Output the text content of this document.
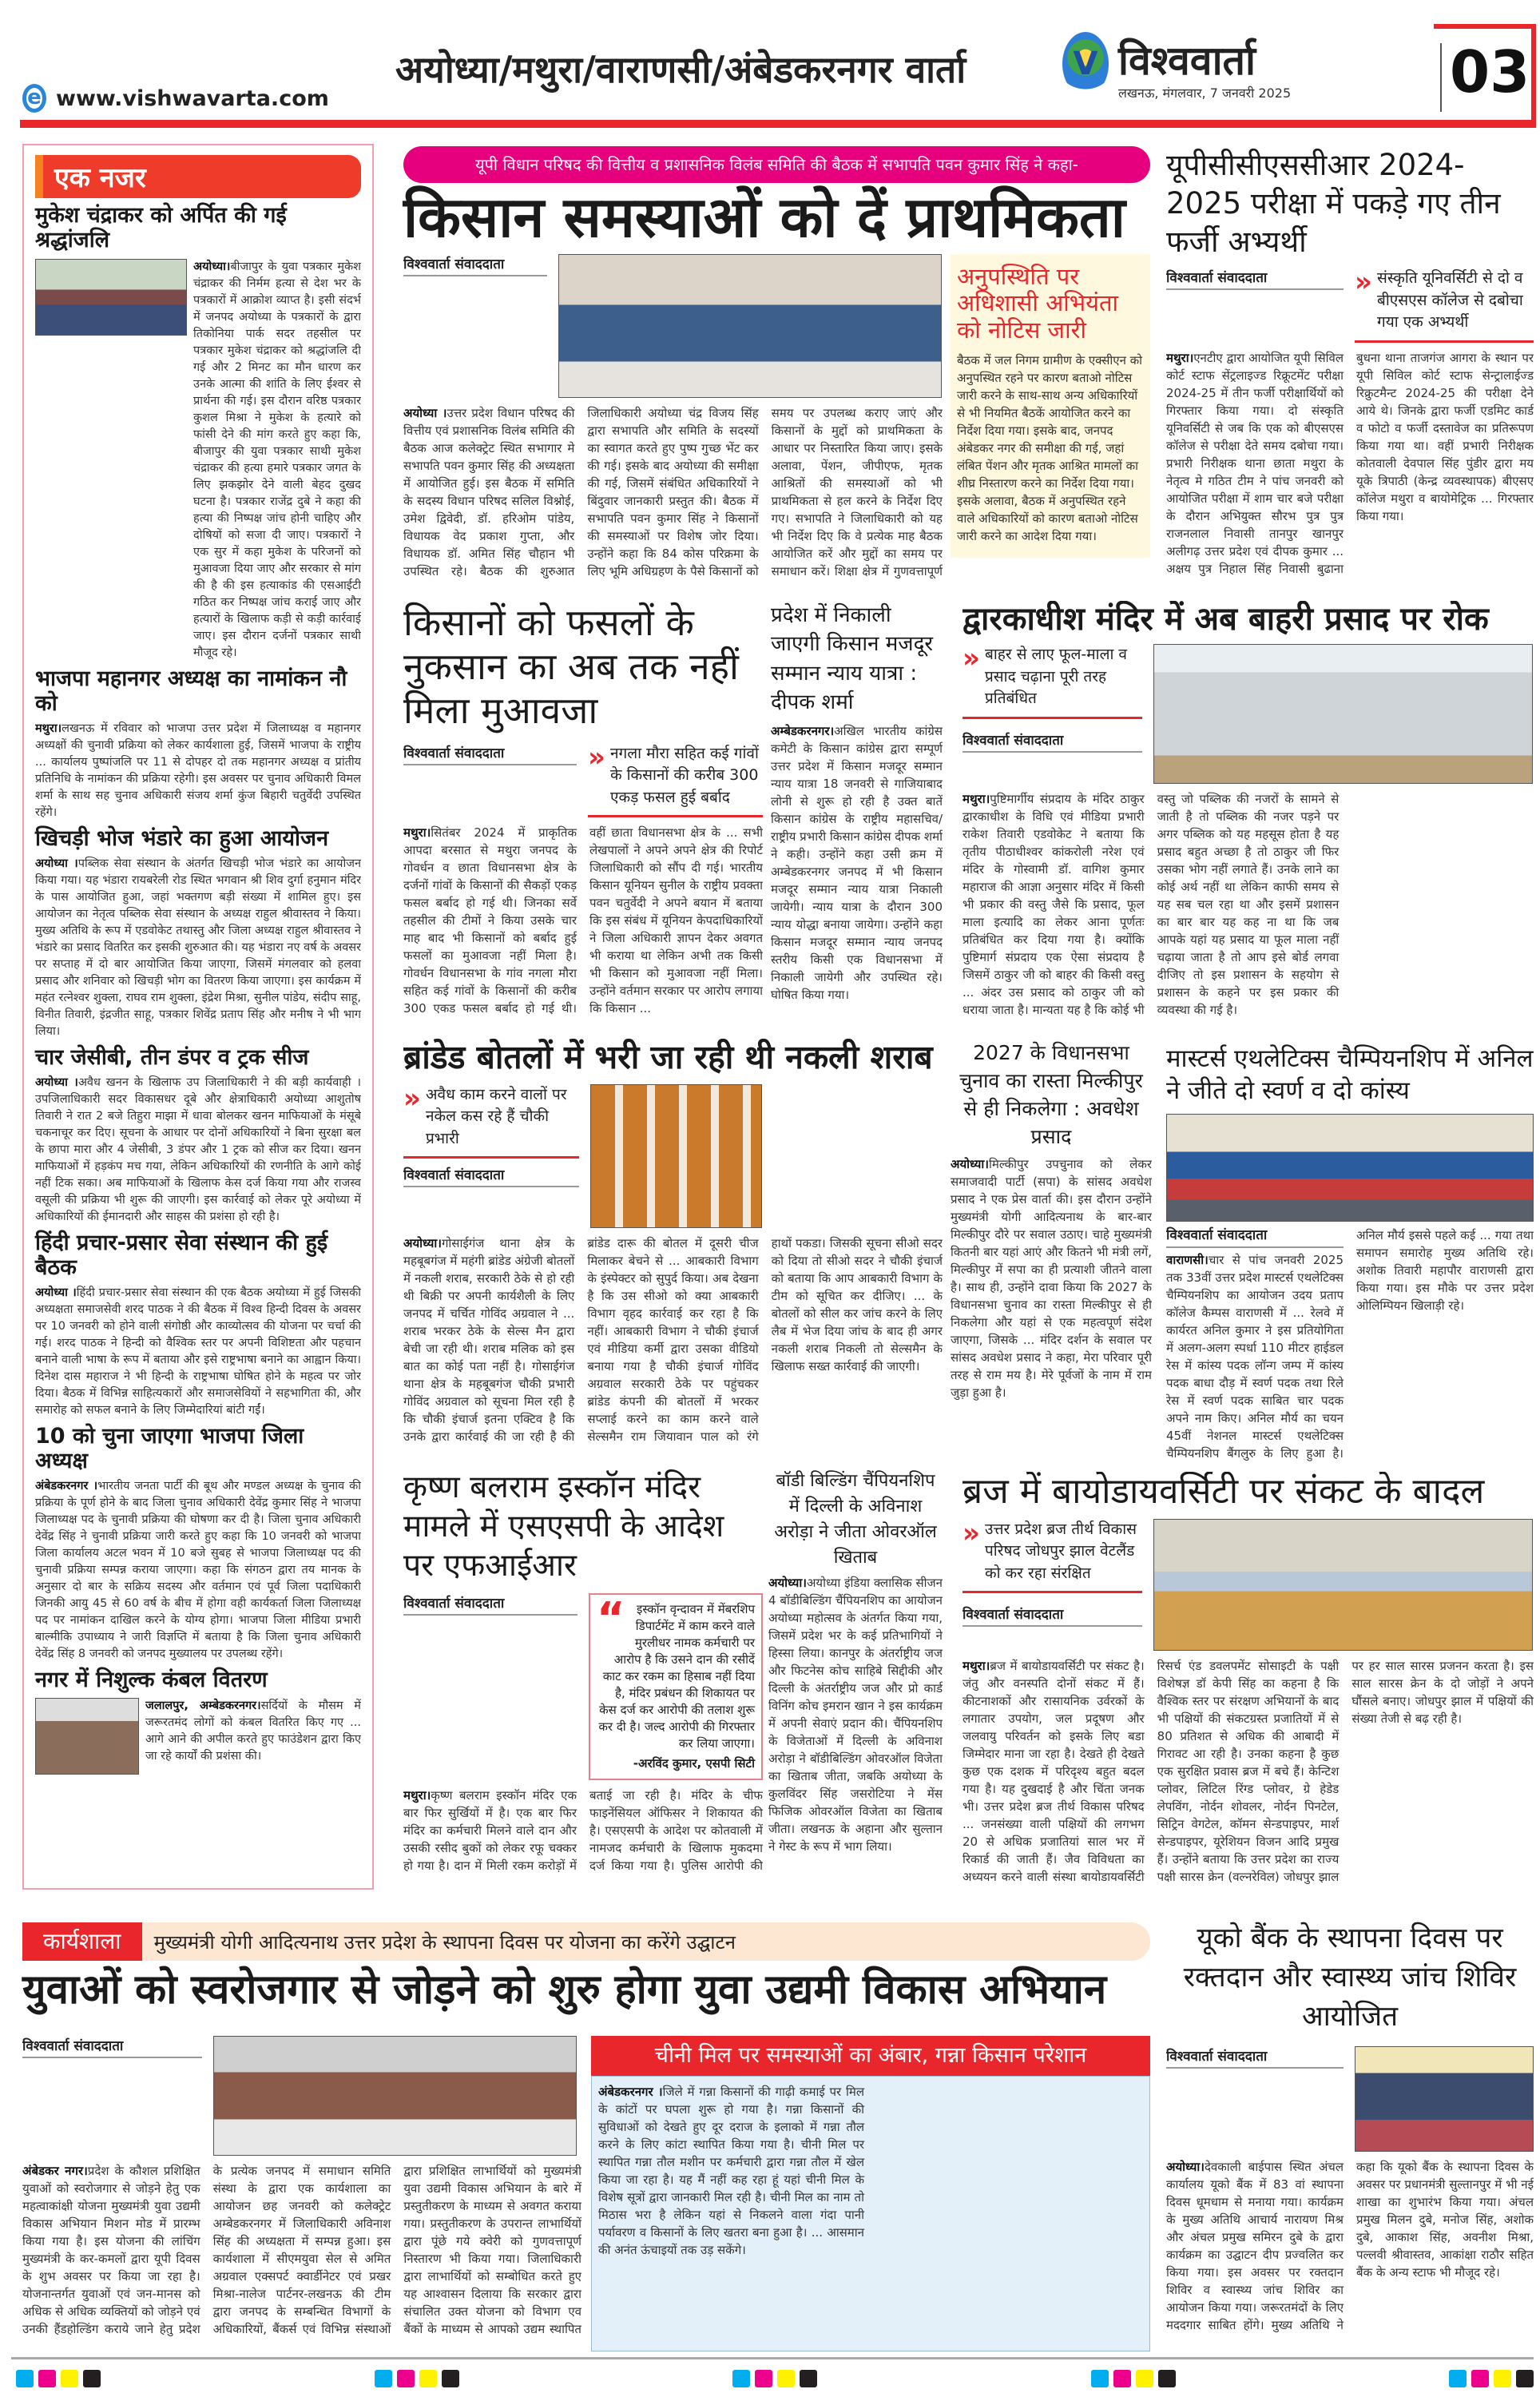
e www.vishwavarta.com
अयोध्या/मथुरा/वाराणसी/अंबेडकरनगर वार्ता	V विश्ववार्ता
लखनऊ, मंगलवार, 7 जनवरी 2025	03
एक नजर
मुकेश चंद्राकर को अर्पित की गई श्रद्धांजलि

अयोध्या।बीजापुर के युवा पत्रकार मुकेश चंद्राकर की निर्मम हत्या से देश भर के पत्रकारों में आक्रोश व्याप्त है। इसी संदर्भ में जनपद अयोध्या के पत्रकारों के द्वारा तिकोनिया पार्क सदर तहसील पर पत्रकार मुकेश चंद्राकर को श्रद्धांजलि दी गई और 2 मिनट का मौन धारण कर उनके आत्मा की शांति के लिए ईश्वर से प्रार्थना की गई। इस दौरान वरिष्ठ पत्रकार कुशल मिश्रा ने मुकेश के हत्यारे को फांसी देने की मांग करते हुए कहा कि, बीजापुर की युवा पत्रकार साथी मुकेश चंद्राकर की हत्या हमारे पत्रकार जगत के लिए झकझोर देने वाली बेहद दुखद घटना है। पत्रकार राजेंद्र दुबे ने कहा की हत्या की निष्पक्ष जांच होनी चाहिए और दोषियों को सजा दी जाए। पत्रकारों ने एक सुर में कहा मुकेश के परिजनों को मुआवजा दिया जाए और सरकार से मांग की है की इस हत्याकांड की एसआईटी गठित कर निष्पक्ष जांच कराई जाए और हत्यारों के खिलाफ कड़ी से कड़ी कार्रवाई जाए। इस दौरान दर्जनों पत्रकार साथी मौजूद रहे।

भाजपा महानगर अध्यक्ष का नामांकन नौ को

मथुरा।लखनऊ में रविवार को भाजपा उत्तर प्रदेश में जिलाध्यक्ष व महानगर अध्यक्षों की चुनावी प्रक्रिया को लेकर कार्यशाला हुई, जिसमें भाजपा के राष्ट्रीय ... कार्यालय पुष्पांजलि पर 11 से दोपहर दो तक महानगर अध्यक्ष व प्रांतीय प्रतिनिधि के नामांकन की प्रक्रिया रहेगी। इस अवसर पर चुनाव अधिकारी विमल शर्मा के साथ सह चुनाव अधिकारी संजय शर्मा कुंज बिहारी चतुर्वेदी उपस्थित रहेंगे।

खिचड़ी भोज भंडारे का हुआ आयोजन

अयोध्या ।पब्लिक सेवा संस्थान के अंतर्गत खिचड़ी भोज भंडारे का आयोजन किया गया। यह भंडारा रायबरेली रोड स्थित भगवान श्री शिव दुर्गा हनुमान मंदिर के पास आयोजित हुआ, जहां भक्तगण बड़ी संख्या में शामिल हुए। इस आयोजन का नेतृत्व पब्लिक सेवा संस्थान के अध्यक्ष राहुल श्रीवास्तव ने किया। मुख्य अतिथि के रूप में एडवोकेट तथास्तु और जिला अध्यक्ष राहुल श्रीवास्तव ने भंडारे का प्रसाद वितरित कर इसकी शुरुआत की। यह भंडारा नए वर्ष के अवसर पर सप्ताह में दो बार आयोजित किया जाएगा, जिसमें मंगलवार को हलवा प्रसाद और शनिवार को खिचड़ी भोग का वितरण किया जाएगा। इस कार्यक्रम में महंत रत्नेश्वर शुक्ला, राघव राम शुक्ला, इंद्रेश मिश्रा, सुनील पांडेय, संदीप साहू, विनीत तिवारी, इंद्रजीत साहू, पत्रकार शिवेंद्र प्रताप सिंह और मनीष ने भी भाग लिया।

चार जेसीबी, तीन डंपर व ट्रक सीज

अयोध्या ।अवैध खनन के खिलाफ उप जिलाधिकारी ने की बड़ी कार्यवाही । उपजिलाधिकारी सदर विकासधर दूबे और क्षेत्राधिकारी अयोध्या आशुतोष तिवारी ने रात 2 बजे तिहुरा माझा में धावा बोलकर खनन माफियाओं के मंसूबे चकनाचूर कर दिए। सूचना के आधार पर दोनों अधिकारियों ने बिना सुरक्षा बल के छापा मारा और 4 जेसीबी, 3 डंपर और 1 ट्रक को सीज कर दिया। खनन माफियाओं में हड़कंप मच गया, लेकिन अधिकारियों की रणनीति के आगे कोई नहीं टिक सका। अब माफियाओं के खिलाफ केस दर्ज किया गया और राजस्व वसूली की प्रक्रिया भी शुरू की जाएगी। इस कार्रवाई को लेकर पूरे अयोध्या में अधिकारियों की ईमानदारी और साहस की प्रशंसा हो रही है।

हिंदी प्रचार-प्रसार सेवा संस्थान की हुई बैठक

अयोध्या ।हिंदी प्रचार-प्रसार सेवा संस्थान की एक बैठक अयोध्या में हुई जिसकी अध्यक्षता समाजसेवी शरद पाठक ने की बैठक में विश्व हिन्दी दिवस के अवसर पर 10 जनवरी को होने वाली संगोष्ठी और काव्योत्सव की योजना पर चर्चा की गई। शरद पाठक ने हिन्दी को वैश्विक स्तर पर अपनी विशिष्टता और पहचान बनाने वाली भाषा के रूप में बताया और इसे राष्ट्रभाषा बनाने का आह्वान किया। दिनेश दास महाराज ने भी हिन्दी के राष्ट्रभाषा घोषित होने के महत्व पर जोर दिया। बैठक में विभिन्न साहित्यकारों और समाजसेवियों ने सहभागिता की, और समारोह को सफल बनाने के लिए जिम्मेदारियां बांटी गईं।

10 को चुना जाएगा भाजपा जिला अध्यक्ष

अंबेडकरनगर ।भारतीय जनता पार्टी की बूथ और मण्डल अध्यक्ष के चुनाव की प्रक्रिया के पूर्ण होने के बाद जिला चुनाव अधिकारी देवेंद्र कुमार सिंह ने भाजपा जिलाध्यक्ष पद के चुनावी प्रक्रिया की घोषणा कर दी है। जिला चुनाव अधिकारी देवेंद्र सिंह ने चुनावी प्रक्रिया जारी करते हुए कहा कि 10 जनवरी को भाजपा जिला कार्यालय अटल भवन में 10 बजे सुबह से भाजपा जिलाध्यक्ष पद की चुनावी प्रक्रिया सम्पन्न कराया जाएगा। कहा कि संगठन द्वारा तय मानक के अनुसार दो बार के सक्रिय सदस्य और वर्तमान एवं पूर्व जिला पदाधिकारी जिनकी आयु 45 से 60 वर्ष के बीच में होगा वही कार्यकर्ता जिला जिलाध्यक्ष पद पर नामांकन दाखिल करने के योग्य होगा। भाजपा जिला मीडिया प्रभारी बाल्मीकि उपाध्याय ने जारी विज्ञप्ति में बताया है कि जिला चुनाव अधिकारी देवेंद्र सिंह 8 जनवरी को जनपद मुख्यालय पर उपलब्ध रहेंगे।

नगर में निशुल्क कंबल वितरण

जलालपुर, अम्बेडकरनगर।सर्दियों के मौसम में जरूरतमंद लोगों को कंबल वितरित किए गए ... आगे आने की अपील करते हुए फाउंडेशन द्वारा किए जा रहे कार्यों की प्रशंसा की।

यूपी विधान परिषद की वित्तीय व प्रशासनिक विलंब समिति की बैठक में सभापति पवन कुमार सिंह ने कहा-
किसान समस्याओं को दें प्राथमिकता
विश्ववार्ता संवाददाता
अयोध्या ।उत्तर प्रदेश विधान परिषद की वित्तीय एवं प्रशासनिक विलंब समिति की बैठक आज कलेक्ट्रेट स्थित सभागार मे सभापति पवन कुमार सिंह की अध्यक्षता में आयोजित हुई। इस बैठक में समिति के सदस्य विधान परिषद सलिल विश्नोई, उमेश द्विवेदी, डॉ. हरिओम पांडेय, विधायक वेद प्रकाश गुप्ता, और विधायक डॉ. अमित सिंह चौहान भी उपस्थित रहे। बैठक की शुरुआत जिलाधिकारी अयोध्या चंद्र विजय सिंह द्वारा सभापति और समिति के सदस्यों का स्वागत करते हुए पुष्प गुच्छ भेंट कर की गई। इसके बाद अयोध्या की समीक्षा की गई, जिसमें संबंधित अधिकारियों ने बिंदुवार जानकारी प्रस्तुत की। बैठक में सभापति पवन कुमार सिंह ने किसानों की समस्याओं पर विशेष जोर दिया। उन्होंने कहा कि 84 कोस परिक्रमा के लिए भूमि अधिग्रहण के पैसे किसानों को समय पर उपलब्ध कराए जाएं और किसानों के मुद्दों को प्राथमिकता के आधार पर निस्तारित किया जाए। इसके अलावा, पेंशन, जीपीएफ, मृतक आश्रितों की समस्याओं को भी प्राथमिकता से हल करने के निर्देश दिए गए। सभापति ने जिलाधिकारी को यह भी निर्देश दिए कि वे प्रत्येक माह बैठक आयोजित करें और मुद्दों का समय पर समाधान करें। शिक्षा क्षेत्र में गुणवत्तापूर्ण
अनुपस्थिति पर अधिशासी अभियंता को नोटिस जारी

बैठक में जल निगम ग्रामीण के एक्सीएन को अनुपस्थित रहने पर कारण बताओ नोटिस जारी करने के साथ-साथ अन्य अधिकारियों से भी नियमित बैठकें आयोजित करने का निर्देश दिया गया। इसके बाद, जनपद अंबेडकर नगर की समीक्षा की गई, जहां लंबित पेंशन और मृतक आश्रित मामलों का शीघ्र निस्तारण करने का निर्देश दिया गया। इसके अलावा, बैठक में अनुपस्थित रहने वाले अधिकारियों को कारण बताओ नोटिस जारी करने का आदेश दिया गया।

यूपीसीसीएससीआर 2024-2025 परीक्षा में पकड़े गए तीन फर्जी अभ्यर्थी
विश्ववार्ता संवाददाता	» संस्कृति यूनिवर्सिटी से दो व बीएसएस कॉलेज से दबोचा गया एक अभ्यर्थी
मथुरा।एनटीए द्वारा आयोजित यूपी सिविल कोर्ट स्टाफ सेंट्रलाइज्ड रिक्रूटमेंट परीक्षा 2024-25 में तीन फर्जी परीक्षार्थियों को गिरफ्तार किया गया। दो संस्कृति यूनिवर्सिटी से जब कि एक को बीएसएस कॉलेज से परीक्षा देते समय दबोचा गया। प्रभारी निरीक्षक थाना छाता मथुरा के नेतृत्व मे गठित टीम ने पांच जनवरी को आयोजित परीक्षा में शाम चार बजे परीक्षा के दौरान अभियुक्त सौरभ पुत्र पुत्र राजनलाल निवासी तानपुर खानपुर अलीगढ़ उत्तर प्रदेश एवं दीपक कुमार ... अक्षय पुत्र निहाल सिंह निवासी बुढाना बुधना थाना ताजगंज आगरा के स्थान पर यूपी सिविल कोर्ट स्टाफ सेन्ट्रालाईज्ड रिक्रुटमैन्ट 2024-25 की परीक्षा देने आये थे। जिनके द्वारा फर्जी एडमिट कार्ड व फोटो व फर्जी दस्तावेज का प्रतिरूपण किया गया था। वहीं प्रभारी निरीक्षक कोतवाली देवपाल सिंह पुंडीर द्वारा मय यूके त्रिपाठी (केन्द्र व्यवस्थापक) बीएसए कॉलेज मथुरा व बायोमेट्रिक ... गिरफ्तार किया गया।
किसानों को फसलों के नुकसान का अब तक नहीं मिला मुआवजा
विश्ववार्ता संवाददाता	» नगला मौरा सहित कई गांवों के किसानों की करीब 300 एकड़ फसल हुई बर्बाद
मथुरा।सितंबर 2024 में प्राकृतिक आपदा बरसात से मथुरा जनपद के गोवर्धन व छाता विधानसभा क्षेत्र के दर्जनों गांवों के किसानों की सैकड़ों एकड़ फसल बर्बाद हो गई थी। जिनका सर्वे तहसील की टीमों ने किया उसके चार माह बाद भी किसानों को बर्बाद हुई फसलों का मुआवजा नहीं मिला है। गोवर्धन विधानसभा के गांव नगला मौरा सहित कई गांवों के किसानों की करीब 300 एकड फसल बर्बाद हो गई थी। वहीं छाता विधानसभा क्षेत्र के ... सभी लेखपालों ने अपने अपने क्षेत्र की रिपोर्ट जिलाधिकारी को सौंप दी गई। भारतीय किसान यूनियन सुनील के राष्ट्रीय प्रवक्ता पवन चतुर्वेदी ने अपने बयान में बताया कि इस संबंध में यूनियन केपदाधिकारियों ने जिला अधिकारी ज्ञापन देकर अवगत भी कराया था लेकिन अभी तक किसी भी किसान को मुआवजा नहीं मिला। उन्होंने वर्तमान सरकार पर आरोप लगाया कि किसान ...
प्रदेश में निकाली जाएगी किसान मजदूर सम्मान न्याय यात्रा : दीपक शर्मा

अम्बेडकरनगर।अखिल भारतीय कांग्रेस कमेटी के किसान कांग्रेस द्वारा सम्पूर्ण उत्तर प्रदेश में किसान मजदूर सम्मान न्याय यात्रा 18 जनवरी से गाजियाबाद लोनी से शुरू हो रही है उक्त बातें किसान कांग्रेस के राष्ट्रीय महासचिव/राष्ट्रीय प्रभारी किसान कांग्रेस दीपक शर्मा ने कही। उन्होंने कहा उसी क्रम में अम्बेडकरनगर जनपद में भी किसान मजदूर सम्मान न्याय यात्रा निकाली जायेगी। न्याय यात्रा के दौरान 300 न्याय योद्धा बनाया जायेगा। उन्होंने कहा किसान मजदूर सम्मान न्याय जनपद स्तरीय किसी एक विधानसभा में निकाली जायेगी और उपस्थित रहे। घोषित किया गया।

द्वारकाधीश मंदिर में अब बाहरी प्रसाद पर रोक
» बाहर से लाए फूल-माला व प्रसाद चढ़ाना पूरी तरह प्रतिबंधित
विश्ववार्ता संवाददाता
मथुरा।पुष्टिमार्गीय संप्रदाय के मंदिर ठाकुर द्वारकाधीश के विधि एवं मीडिया प्रभारी राकेश तिवारी एडवोकेट ने बताया कि तृतीय पीठाधीश्वर कांकरोली नरेश एवं मंदिर के गोस्वामी डॉ. वागिश कुमार महाराज की आज्ञा अनुसार मंदिर में किसी भी प्रकार की वस्तु जैसे कि प्रसाद, फूल माला इत्यादि का लेकर आना पूर्णतः प्रतिबंधित कर दिया गया है। क्योंकि पुष्टिमार्ग संप्रदाय एक ऐसा संप्रदाय है जिसमें ठाकुर जी को बाहर की किसी वस्तु ... अंदर उस प्रसाद को ठाकुर जी को धराया जाता है। मान्यता यह है कि कोई भी वस्तु जो पब्लिक की नजरों के सामने से जाती है तो पब्लिक की नजर पड़ने पर अगर पब्लिक को यह महसूस होता है यह प्रसाद बहुत अच्छा है तो ठाकुर जी फिर उसका भोग नहीं लगाते हैं। उनके लाने का कोई अर्थ नहीं था लेकिन काफी समय से यह सब चल रहा था और इसमें प्रशासन का बार बार यह कह ना था कि जब आपके यहां यह प्रसाद या फूल माला नहीं चढ़ाया जाता है तो आप इसे बोर्ड लगवा दीजिए तो इस प्रशासन के सहयोग से प्रशासन के कहने पर इस प्रकार की व्यवस्था की गई है।
ब्रांडेड बोतलों में भरी जा रही थी नकली शराब
» अवैध काम करने वालों पर नकेल कस रहे हैं चौकी प्रभारी
विश्ववार्ता संवाददाता
अयोध्या।गोसाईगंज थाना क्षेत्र के महबूबगंज में महंगी ब्रांडेड अंग्रेजी बोतलों में नकली शराब, सरकारी ठेके से हो रही थी बिक्री पर अपनी कार्यशैली के लिए जनपद में चर्चित गोविंद अग्रवाल ने ... शराब भरकर ठेके के सेल्स मैन द्वारा बेची जा रही थी। शराब मलिक को इस बात का कोई पता नहीं है। गोसाईगंज थाना क्षेत्र के महबूबगंज चौकी प्रभारी गोविंद अग्रवाल को सूचना मिल रही है कि चौकी इंचार्ज इतना एक्टिव है कि उनके द्वारा कार्रवाई की जा रही है की ब्रांडेड दारू की बोतल में दूसरी चीज मिलाकर बेचने से ... आबकारी विभाग के इंस्पेक्टर को सुपुर्द किया। अब देखना है कि उस सीओ को क्या आबकारी विभाग वृहद कार्रवाई कर रहा है कि नहीं। आबकारी विभाग ने चौकी इंचार्ज एवं मीडिया कर्मी द्वारा उसका वीडियो बनाया गया है चौकी इंचार्ज गोविंद अग्रवाल सरकारी ठेके पर पहुंचकर ब्रांडेड कंपनी की बोतलों में भरकर सप्लाई करने का काम करने वाले सेल्समैन राम जियावान पाल को रंगे हाथों पकडा। जिसकी सूचना सीओ सदर को दिया तो सीओ सदर ने चौकी इंचार्ज को बताया कि आप आबकारी विभाग के टीम को सूचित कर दीजिए। ... के बोतलों को सील कर जांच करने के लिए लैब में भेज दिया जांच के बाद ही अगर नकली शराब निकली तो सेल्समैन के खिलाफ सख्त कार्रवाई की जाएगी।
2027 के विधानसभा चुनाव का रास्ता मिल्कीपुर से ही निकलेगा : अवधेश प्रसाद

अयोध्या।मिल्कीपुर उपचुनाव को लेकर समाजवादी पार्टी (सपा) के सांसद अवधेश प्रसाद ने एक प्रेस वार्ता की। इस दौरान उन्होंने मुख्यमंत्री योगी आदित्यनाथ के बार-बार मिल्कीपुर दौरे पर सवाल उठाए। चाहे मुख्यमंत्री कितनी बार यहां आएं और कितने भी मंत्री लगें, मिल्कीपुर में सपा का ही प्रत्याशी जीतने वाला है। साथ ही, उन्होंने दावा किया कि 2027 के विधानसभा चुनाव का रास्ता मिल्कीपुर से ही निकलेगा और यहां से एक महत्वपूर्ण संदेश जाएगा, जिसके ... मंदिर दर्शन के सवाल पर सांसद अवधेश प्रसाद ने कहा, मेरा परिवार पूरी तरह से राम मय है। मेरे पूर्वजों के नाम में राम जुड़ा हुआ है।

मास्टर्स एथलेटिक्स चैम्पियनशिप में अनिल ने जीते दो स्वर्ण व दो कांस्य
विश्ववार्ता संवाददाता
वाराणसी।चार से पांच जनवरी 2025 तक 33वीं उत्तर प्रदेश मास्टर्स एथलेटिक्स चैम्पियनशिप का आयोजन उदय प्रताप कॉलेज कैम्पस वाराणसी में ... रेलवे में कार्यरत अनिल कुमार ने इस प्रतियोगिता में अलग-अलग स्पर्धा 110 मीटर हाईडल रेस में कांस्य पदक लॉन्ग जम्प में कांस्य पदक बाधा दौड़ में स्वर्ण पदक तथा रिले रेस में स्वर्ण पदक साबित चार पदक अपने नाम किए। अनिल मौर्य का चयन 45वीं नेशनल मास्टर्स एथलेटिक्स चैम्पियनशिप बैंगलुरु के लिए हुआ है। अनिल मौर्य इससे पहले कई ... गया तथा समापन समारोह मुख्य अतिथि रहे। अशोक तिवारी महापौर वाराणसी द्वारा किया गया। इस मौके पर उत्तर प्रदेश ओलिम्पियन खिलाड़ी रहे।
कृष्ण बलराम इस्कॉन मंदिर मामले में एसएसपी के आदेश पर एफआईआर
विश्ववार्ता संवाददाता	“ इस्कॉन वृन्दावन में मेंबरशिप डिपार्टमेंट में काम करने वाले मुरलीधर नामक कर्मचारी पर आरोप है कि उसने दान की रसीदें काट कर रकम का हिसाब नहीं दिया है, मंदिर प्रबंधन की शिकायत पर केस दर्ज कर आरोपी की तलाश शुरू कर दी है। जल्द आरोपी की गिरफ्तार कर लिया जाएगा।
-अरविंद कुमार, एसपी सिटी
मथुरा।कृष्ण बलराम इस्कॉन मंदिर एक बार फिर सुर्खियों में है। एक बार फिर मंदिर का कर्मचारी मिलने वाले दान और उसकी रसीद बुकों को लेकर रफू चक्कर हो गया है। दान में मिली रकम करोड़ों में बताई जा रही है। मंदिर के चीफ फाइनेंसियल ऑफिसर ने शिकायत की है। एसएसपी के आदेश पर कोतवाली में नामजद कर्मचारी के खिलाफ मुकदमा दर्ज किया गया है। पुलिस आरोपी की
बॉडी बिल्डिंग चैंपियनशिप में दिल्ली के अविनाश अरोड़ा ने जीता ओवरऑल खिताब

अयोध्या।अयोध्या इंडिया क्लासिक सीजन 4 बॉडीबिल्डिंग चैंपियनशिप का आयोजन अयोध्या महोत्सव के अंतर्गत किया गया, जिसमें प्रदेश भर के कई प्रतिभागियों ने हिस्सा लिया। कानपुर के अंतर्राष्ट्रीय जज और फिटनेस कोच साहिबे सिद्दीकी और दिल्ली के अंतर्राष्ट्रीय जज और प्रो कार्ड विनिंग कोच इमरान खान ने इस कार्यक्रम में अपनी सेवाएं प्रदान की। चैंपियनशिप के विजेताओं में दिल्ली के अविनाश अरोड़ा ने बॉडीबिल्डिंग ओवरऑल विजेता का खिताब जीता, जबकि अयोध्या के कुलविंदर सिंह जसरोटिया ने मेंस फिजिक ओवरऑल विजेता का खिताब जीता। लखनऊ के अहाना और सुल्तान ने गेस्ट के रूप में भाग लिया।

ब्रज में बायोडायवर्सिटी पर संकट के बादल
» उत्तर प्रदेश ब्रज तीर्थ विकास परिषद जोधपुर झाल वेटलैंड को कर रहा संरक्षित
विश्ववार्ता संवाददाता
मथुरा।ब्रज में बायोडायवर्सिटी पर संकट है। जंतु और वनस्पति दोनों संकट में हैं। कीटनाशकों और रासायनिक उर्वरकों के लगातार उपयोग, जल प्रदूषण और जलवायु परिवर्तन को इसके लिए बडा जिम्मेदार माना जा रहा है। देखते ही देखते कुछ एक दशक में परिदृश्य बहुत बदल गया है। यह दुखदाई है और चिंता जनक भी। उत्तर प्रदेश ब्रज तीर्थ विकास परिषद ... जनसंख्या वाली पक्षियों की लगभग 20 से अधिक प्रजातियां साल भर में रिकार्ड की जाती हैं। जैव विविधता का अध्ययन करने वाली संस्था बायोडायवर्सिटी रिसर्च एंड डवलपमेंट सोसाइटी के पक्षी विशेषज्ञ डॉ केपी सिंह का कहना है कि वैश्विक स्तर पर संरक्षण अभियानों के बाद भी पक्षियों की संकटग्रस्त प्रजातियों में से 80 प्रतिशत से अधिक की आबादी में गिरावट आ रही है। उनका कहना है कुछ एक सुरक्षित प्रवास ब्रज में बचे हैं। केन्टिश प्लोवर, लिटिल रिंग्ड प्लोवर, ग्रे हेडेड लेपविंग, नोर्दन शोवलर, नोर्दन पिनटेल, सिट्रिन वेगटेल, कॉमन सेन्डपाइपर, मार्श सेन्डपाइपर, यूरेशियन विजन आदि प्रमुख हैं। उन्होंने बताया कि उत्तर प्रदेश का राज्य पक्षी सारस क्रेन (वल्नरेविल) जोधपुर झाल पर हर साल सारस प्रजनन करता है। इस साल सारस क्रेन के दो जोड़ों ने अपने घौंसले बनाए। जोधपुर झाल में पक्षियों की संख्या तेजी से बढ़ रही है।
कार्यशाला मुख्यमंत्री योगी आदित्यनाथ उत्तर प्रदेश के स्थापना दिवस पर योजना का करेंगे उद्घाटन
युवाओं को स्वरोजगार से जोड़ने को शुरु होगा युवा उद्यमी विकास अभियान
विश्ववार्ता संवाददाता
अंबेडकर नगर।प्रदेश के कौशल प्रशिक्षित युवाओं को स्वरोजगार से जोड़ने हेतु एक महत्वाकांक्षी योजना मुख्यमंत्री युवा उद्यमी विकास अभियान मिशन मोड में प्रारम्भ किया गया है। इस योजना की लांचिंग मुख्यमंत्री के कर-कमलों द्वारा यूपी दिवस के शुभ अवसर पर किया जा रहा है। योजनान्तर्गत युवाओं एवं जन-मानस को अधिक से अधिक व्यक्तियों को जोड़ने एवं उनकी हैंडहोल्डिंग कराये जाने हेतु प्रदेश के प्रत्येक जनपद में समाधान समिति संस्था के द्वारा एक कार्यशाला का आयोजन छह जनवरी को कलेक्ट्रेट अम्बेडकरनगर में जिलाधिकारी अविनाश सिंह की अध्यक्षता में सम्पन्न हुआ। इस कार्यशाला में सीएमयुवा सेल से अमित अग्रवाल एक्सपर्ट क्वार्डीनेटर एवं प्रखर मिश्रा-नालेज पार्टनर-लखनऊ की टीम द्वारा जनपद के सम्बन्धित विभागों के अधिकारियों, बैंकर्स एवं विभिन्न संस्थाओं द्वारा प्रशिक्षित लाभार्थियों को मुख्यमंत्री युवा उद्यमी विकास अभियान के बारे में प्रस्तुतीकरण के माध्यम से अवगत कराया गया। प्रस्तुतीकरण के उपरान्त लाभार्थियों द्वारा पूंछे गये क्वेरी को गुणवत्तापूर्ण निस्तारण भी किया गया। जिलाधिकारी द्वारा लाभार्थियों को सम्बोधित करते हुए यह आश्वासन दिलाया कि सरकार द्वारा संचालित उक्त योजना को विभाग एव बैंकों के माध्यम से आपको उद्यम स्थापित
चीनी मिल पर समस्याओं का अंबार, गन्ना किसान परेशान
अंबेडकरनगर ।जिले में गन्ना किसानों की गाढ़ी कमाई पर मिल के कांटों पर घपला शुरू हो गया है। गन्ना किसानों की सुविधाओं को देखते हुए दूर दराज के इलाको में गन्ना तौल करने के लिए कांटा स्थापित किया गया है। चीनी मिल पर स्थापित गन्ना तौल मशीन पर कर्मचारी द्वारा गन्ना तौल में खेल किया जा रहा है। यह मैं नहीं कह रहा हूं यहां चीनी मिल के विशेष सूत्रों द्वारा जानकारी मिल रही है। चीनी मिल का नाम तो मिठास भरा है लेकिन यहां से निकलने वाला गंदा पानी पर्यावरण व किसानों के लिए खतरा बना हुआ है। ... आसमान की अनंत ऊंचाइयों तक उड़ सकेंगे।
यूको बैंक के स्थापना दिवस पर रक्तदान और स्वास्थ्य जांच शिविर आयोजित
विश्ववार्ता संवाददाता
अयोध्या।देवकाली बाईपास स्थित अंचल कार्यालय यूको बैंक में 83 वां स्थापना दिवस धूमधाम से मनाया गया। कार्यक्रम के मुख्य अतिथि आचार्य नारायण मिश्र और अंचल प्रमुख समिरन दुबे के द्वारा कार्यक्रम का उद्घाटन दीप प्रज्वलित कर किया गया। इस अवसर पर रक्तदान शिविर व स्वास्थ्य जांच शिविर का आयोजन किया गया। जरूरतमंदों के लिए मददगार साबित होंगे। मुख्य अतिथि ने कहा कि यूको बैंक के स्थापना दिवस के अवसर पर प्रधानमंत्री सुल्तानपुर में भी नई शाखा का शुभारंभ किया गया। अंचल प्रमुख मिलन दुबे, मनोज सिंह, अशोक दुबे, आकाश सिंह, अवनीश मिश्रा, पल्लवी श्रीवास्तव, आकांक्षा राठौर सहित बैंक के अन्य स्टाफ भी मौजूद रहे।
